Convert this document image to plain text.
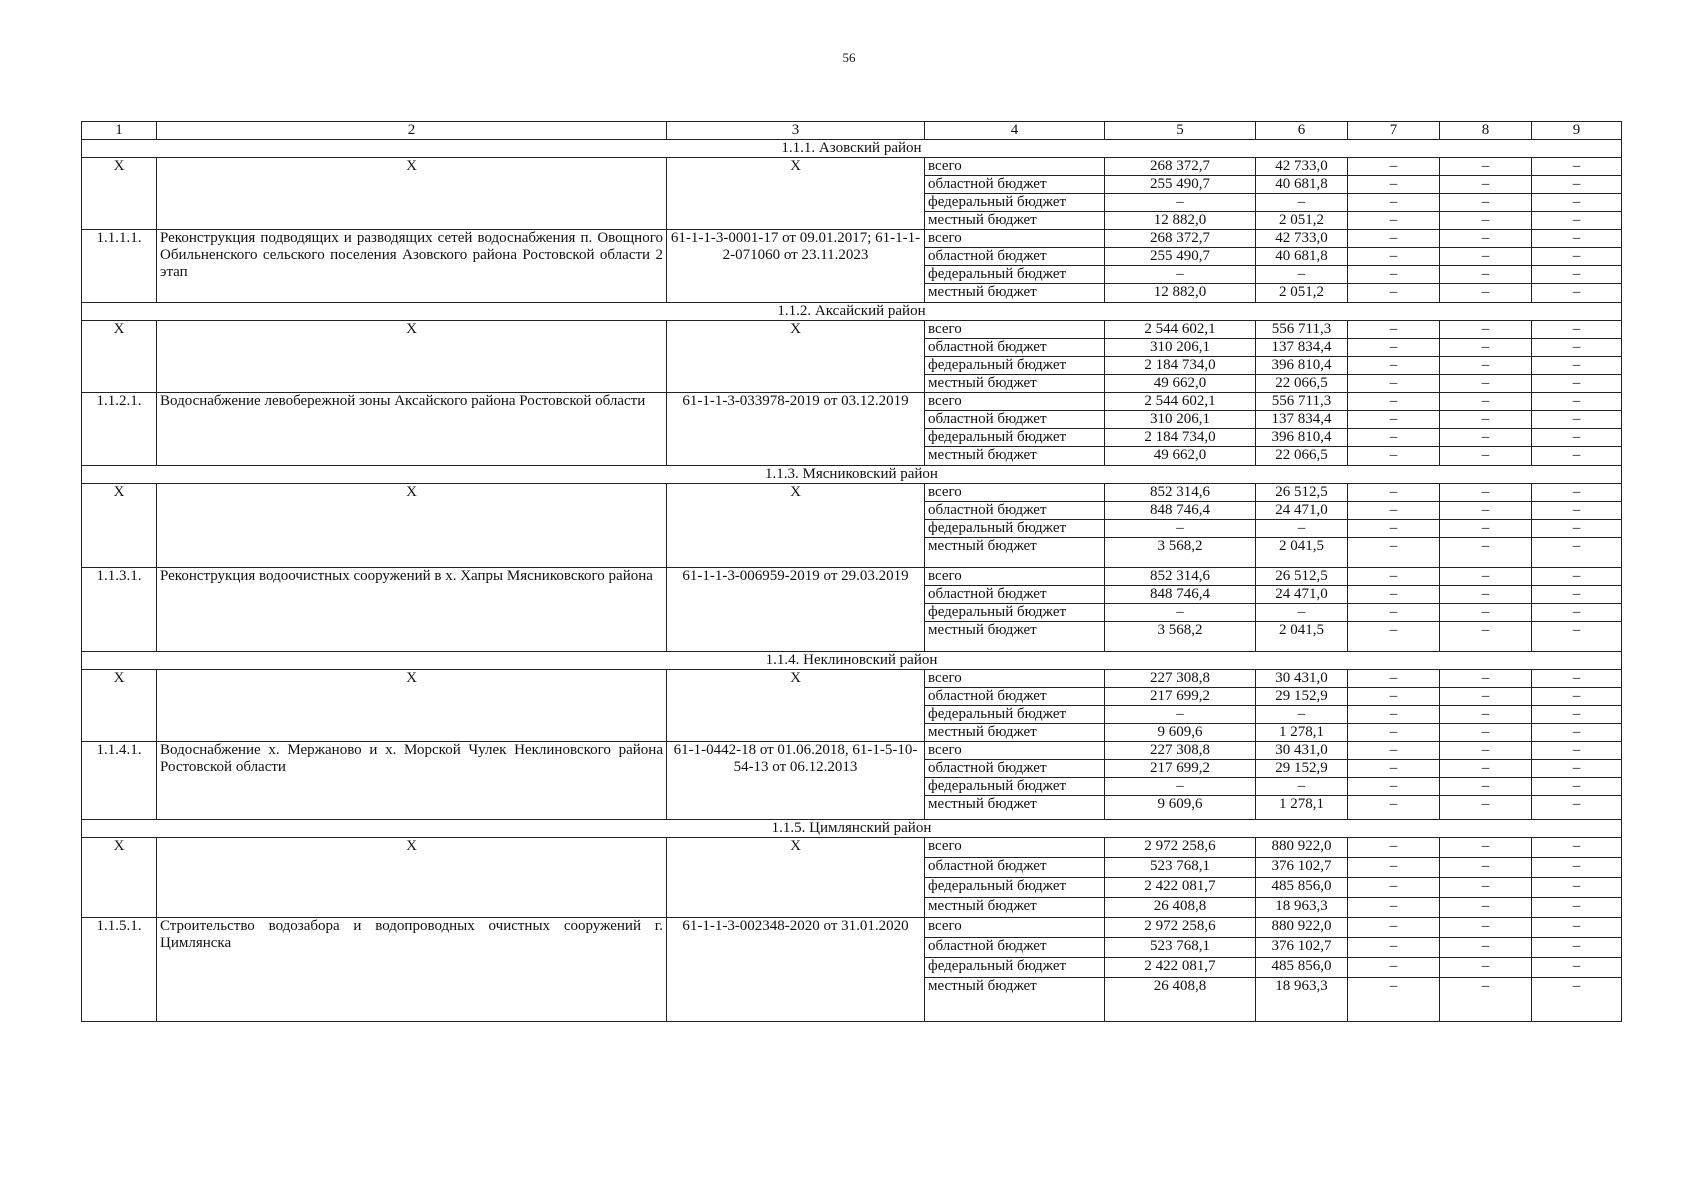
56
1	2	3	4	5	6	7	8	9
1.1.1. Азовский район								
X	X	X	всего	268 372,7	42 733,0	–	–	–
			областной бюджет	255 490,7	40 681,8	–	–	–
			федеральный бюджет	–	–	–	–	–
			местный бюджет	12 882,0	2 051,2	–	–	–
1.1.1.1.	Реконструкция подводящих и разводящих сетей водоснабжения п. Овощного Обильненского сельского поселения Азовского района Ростовской области 2 этап	61-1-1-3-0001-17 от 09.01.2017; 61-1-1-2-071060 от 23.11.2023	всего	268 372,7	42 733,0	–	–	–
			областной бюджет	255 490,7	40 681,8	–	–	–
			федеральный бюджет	–	–	–	–	–
			местный бюджет	12 882,0	2 051,2	–	–	–
1.1.2. Аксайский район								
X	X	X	всего	2 544 602,1	556 711,3	–	–	–
			областной бюджет	310 206,1	137 834,4	–	–	–
			федеральный бюджет	2 184 734,0	396 810,4	–	–	–
			местный бюджет	49 662,0	22 066,5	–	–	–
1.1.2.1.	Водоснабжение левобережной зоны Аксайского района Ростовской области	61-1-1-3-033978-2019 от 03.12.2019	всего	2 544 602,1	556 711,3	–	–	–
			областной бюджет	310 206,1	137 834,4	–	–	–
			федеральный бюджет	2 184 734,0	396 810,4	–	–	–
			местный бюджет	49 662,0	22 066,5	–	–	–
1.1.3. Мясниковский район								
X	X	X	всего	852 314,6	26 512,5	–	–	–
			областной бюджет	848 746,4	24 471,0	–	–	–
			федеральный бюджет	–	–	–	–	–
			местный бюджет	3 568,2	2 041,5	–	–	–
1.1.3.1.	Реконструкция водоочистных сооружений в х. Хапры Мясниковского района	61-1-1-3-006959-2019 от 29.03.2019	всего	852 314,6	26 512,5	–	–	–
			областной бюджет	848 746,4	24 471,0	–	–	–
			федеральный бюджет	–	–	–	–	–
			местный бюджет	3 568,2	2 041,5	–	–	–
1.1.4. Неклиновский район								
X	X	X	всего	227 308,8	30 431,0	–	–	–
			областной бюджет	217 699,2	29 152,9	–	–	–
			федеральный бюджет	–	–	–	–	–
			местный бюджет	9 609,6	1 278,1	–	–	–
1.1.4.1.	Водоснабжение х. Мержаново и х. Морской Чулек Неклиновского района Ростовской области	61-1-0442-18 от 01.06.2018, 61-1-5-10-54-13 от 06.12.2013	всего	227 308,8	30 431,0	–	–	–
			областной бюджет	217 699,2	29 152,9	–	–	–
			федеральный бюджет	–	–	–	–	–
			местный бюджет	9 609,6	1 278,1	–	–	–
1.1.5. Цимлянский район								
X	X	X	всего	2 972 258,6	880 922,0	–	–	–
			областной бюджет	523 768,1	376 102,7	–	–	–
			федеральный бюджет	2 422 081,7	485 856,0	–	–	–
			местный бюджет	26 408,8	18 963,3	–	–	–
1.1.5.1.	Строительство водозабора и водопроводных очистных сооружений г. Цимлянска	61-1-1-3-002348-2020 от 31.01.2020	всего	2 972 258,6	880 922,0	–	–	–
			областной бюджет	523 768,1	376 102,7	–	–	–
			федеральный бюджет	2 422 081,7	485 856,0	–	–	–
			местный бюджет	26 408,8	18 963,3	–	–	–
